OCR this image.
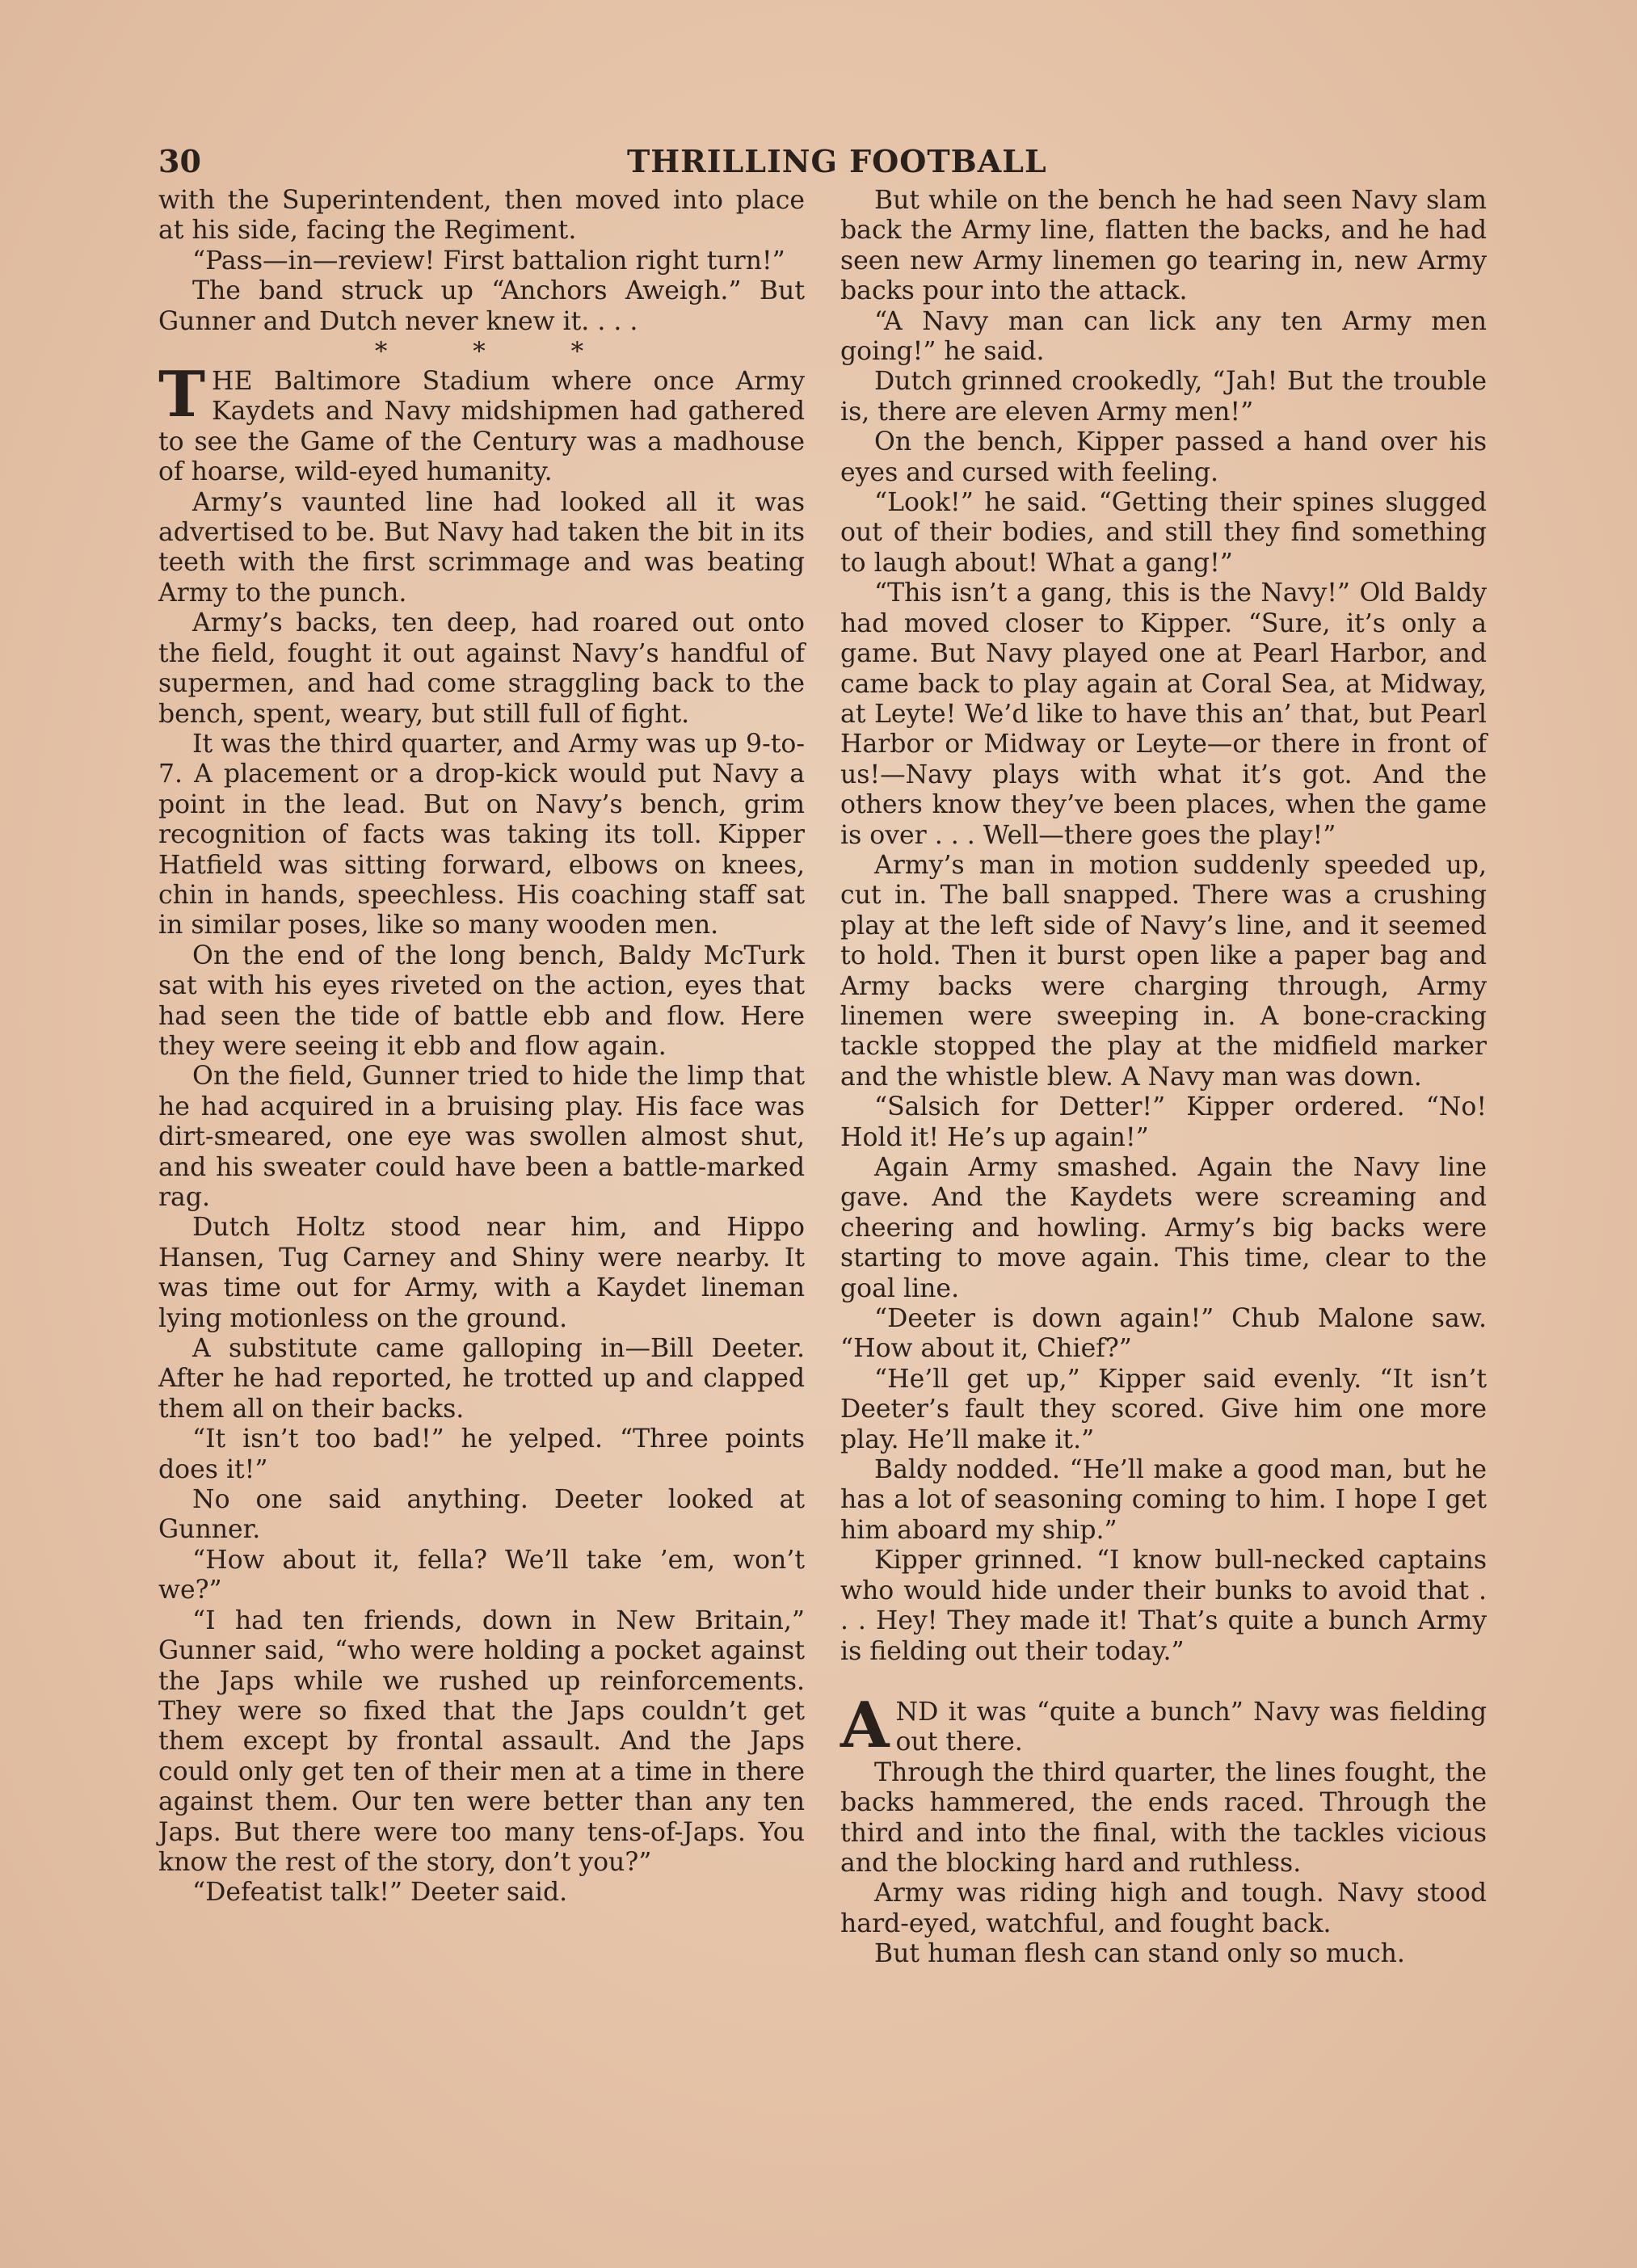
30	THRILLING FOOTBALL

with the Superintendent, then moved into place at his side, facing the Regiment.

“Pass—in—review! First battalion right turn!”

The band struck up “Anchors Aweigh.” But Gunner and Dutch never knew it. . . .

* * *

THE Baltimore Stadium where once Army Kaydets and Navy midshipmen had gathered to see the Game of the Century was a madhouse of hoarse, wild-eyed humanity.

Army’s vaunted line had looked all it was advertised to be. But Navy had taken the bit in its teeth with the first scrimmage and was beating Army to the punch.

Army’s backs, ten deep, had roared out onto the field, fought it out against Navy’s handful of supermen, and had come straggling back to the bench, spent, weary, but still full of fight.

It was the third quarter, and Army was up 9-to-7. A placement or a drop-kick would put Navy a point in the lead. But on Navy’s bench, grim recognition of facts was taking its toll. Kipper Hatfield was sitting forward, elbows on knees, chin in hands, speechless. His coaching staff sat in similar poses, like so many wooden men.

On the end of the long bench, Baldy McTurk sat with his eyes riveted on the action, eyes that had seen the tide of battle ebb and flow. Here they were seeing it ebb and flow again.

On the field, Gunner tried to hide the limp that he had acquired in a bruising play. His face was dirt-smeared, one eye was swollen almost shut, and his sweater could have been a battle-marked rag.

Dutch Holtz stood near him, and Hippo Hansen, Tug Carney and Shiny were nearby. It was time out for Army, with a Kaydet lineman lying motionless on the ground.

A substitute came galloping in—Bill Deeter. After he had reported, he trotted up and clapped them all on their backs.

“It isn’t too bad!” he yelped. “Three points does it!”

No one said anything. Deeter looked at Gunner.

“How about it, fella? We’ll take ’em, won’t we?”

“I had ten friends, down in New Britain,” Gunner said, “who were holding a pocket against the Japs while we rushed up reinforcements. They were so fixed that the Japs couldn’t get them except by frontal assault. And the Japs could only get ten of their men at a time in there against them. Our ten were better than any ten Japs. But there were too many tens-of-Japs. You know the rest of the story, don’t you?”

“Defeatist talk!” Deeter said.

But while on the bench he had seen Navy slam back the Army line, flatten the backs, and he had seen new Army linemen go tearing in, new Army backs pour into the attack.

“A Navy man can lick any ten Army men going!” he said.

Dutch grinned crookedly, “Jah! But the trouble is, there are eleven Army men!”

On the bench, Kipper passed a hand over his eyes and cursed with feeling.

“Look!” he said. “Getting their spines slugged out of their bodies, and still they find something to laugh about! What a gang!”

“This isn’t a gang, this is the Navy!” Old Baldy had moved closer to Kipper. “Sure, it’s only a game. But Navy played one at Pearl Harbor, and came back to play again at Coral Sea, at Midway, at Leyte! We’d like to have this an’ that, but Pearl Harbor or Midway or Leyte—or there in front of us!—Navy plays with what it’s got. And the others know they’ve been places, when the game is over . . . Well—there goes the play!”

Army’s man in motion suddenly speeded up, cut in. The ball snapped. There was a crushing play at the left side of Navy’s line, and it seemed to hold. Then it burst open like a paper bag and Army backs were charging through, Army linemen were sweeping in. A bone-cracking tackle stopped the play at the midfield marker and the whistle blew. A Navy man was down.

“Salsich for Detter!” Kipper ordered. “No! Hold it! He’s up again!”

Again Army smashed. Again the Navy line gave. And the Kaydets were screaming and cheering and howling. Army’s big backs were starting to move again. This time, clear to the goal line.

“Deeter is down again!” Chub Malone saw. “How about it, Chief?”

“He’ll get up,” Kipper said evenly. “It isn’t Deeter’s fault they scored. Give him one more play. He’ll make it.”

Baldy nodded. “He’ll make a good man, but he has a lot of seasoning coming to him. I hope I get him aboard my ship.”

Kipper grinned. “I know bull-necked captains who would hide under their bunks to avoid that . . . Hey! They made it! That’s quite a bunch Army is fielding out their today.”

AND it was “quite a bunch” Navy was fielding out there.

Through the third quarter, the lines fought, the backs hammered, the ends raced. Through the third and into the final, with the tackles vicious and the blocking hard and ruthless.

Army was riding high and tough. Navy stood hard-eyed, watchful, and fought back.

But human flesh can stand only so much.
